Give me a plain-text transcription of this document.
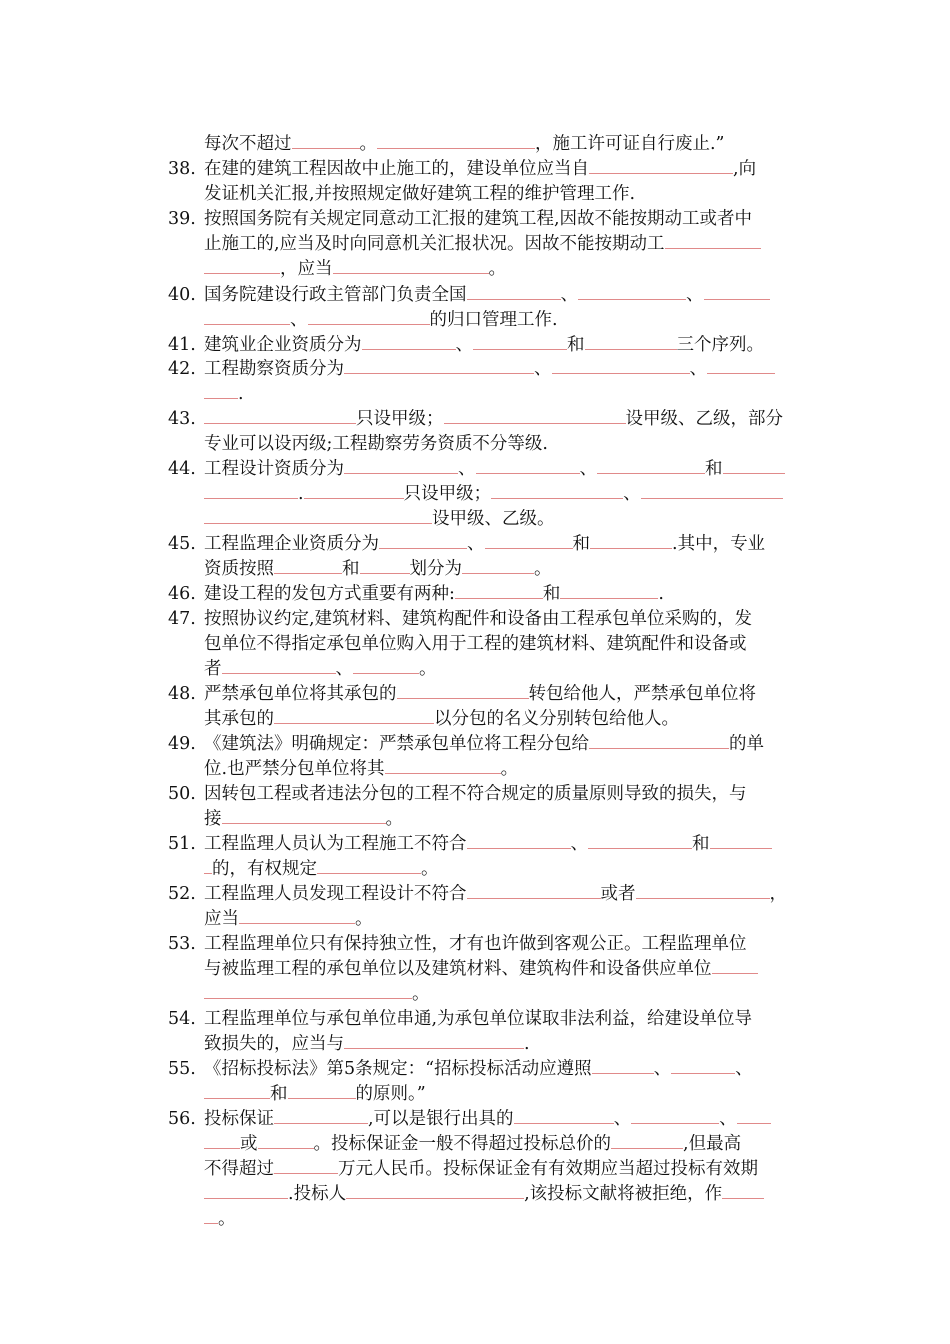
每次不超过	。	，施工许可证自行废止.”
38. 在建的建筑工程因故中止施工的，建设单位应当自	,向
发证机关汇报,并按照规定做好建筑工程的维护管理工作.
39. 按照国务院有关规定同意动工汇报的建筑工程,因故不能按期动工或者中
止施工的,应当及时向同意机关汇报状况。因故不能按期动工
，应当	。
40. 国务院建设行政主管部门负责全国	、	、
、	的归口管理工作.
41. 建筑业企业资质分为	、	和	三个序列。
42. 工程勘察资质分为	、	、
.
43.	只设甲级；	设甲级、乙级，部分
专业可以设丙级;工程勘察劳务资质不分等级.
44. 工程设计资质分为	、	、	和
.	只设甲级；	、
设甲级、乙级。
45. 工程监理企业资质分为	、	和	.其中，专业
资质按照	和	划分为	。
46. 建设工程的发包方式重要有两种:	和	.
47. 按照协议约定,建筑材料、建筑构配件和设备由工程承包单位采购的，发
包单位不得指定承包单位购入用于工程的建筑材料、建筑配件和设备或
者	、	。
48. 严禁承包单位将其承包的	转包给他人，严禁承包单位将
其承包的	以分包的名义分别转包给他人。
49. 《建筑法》明确规定：严禁承包单位将工程分包给	的单
位.也严禁分包单位将其	。
50. 因转包工程或者违法分包的工程不符合规定的质量原则导致的损失，与
接	。
51. 工程监理人员认为工程施工不符合	、	和
的，有权规定	。
52. 工程监理人员发现工程设计不符合	或者	，
应当	。
53. 工程监理单位只有保持独立性，才有也许做到客观公正。工程监理单位
与被监理工程的承包单位以及建筑材料、建筑构件和设备供应单位
。
54. 工程监理单位与承包单位串通,为承包单位谋取非法利益，给建设单位导
致损失的，应当与	.
55. 《招标投标法》第5条规定：“招标投标活动应遵照	、	、
和	的原则。”
56. 投标保证	,可以是银行出具的	、	、
或	。投标保证金一般不得超过投标总价的	,但最高
不得超过	万元人民币。投标保证金有有效期应当超过投标有效期
.投标人	,该投标文献将被拒绝，作
。
